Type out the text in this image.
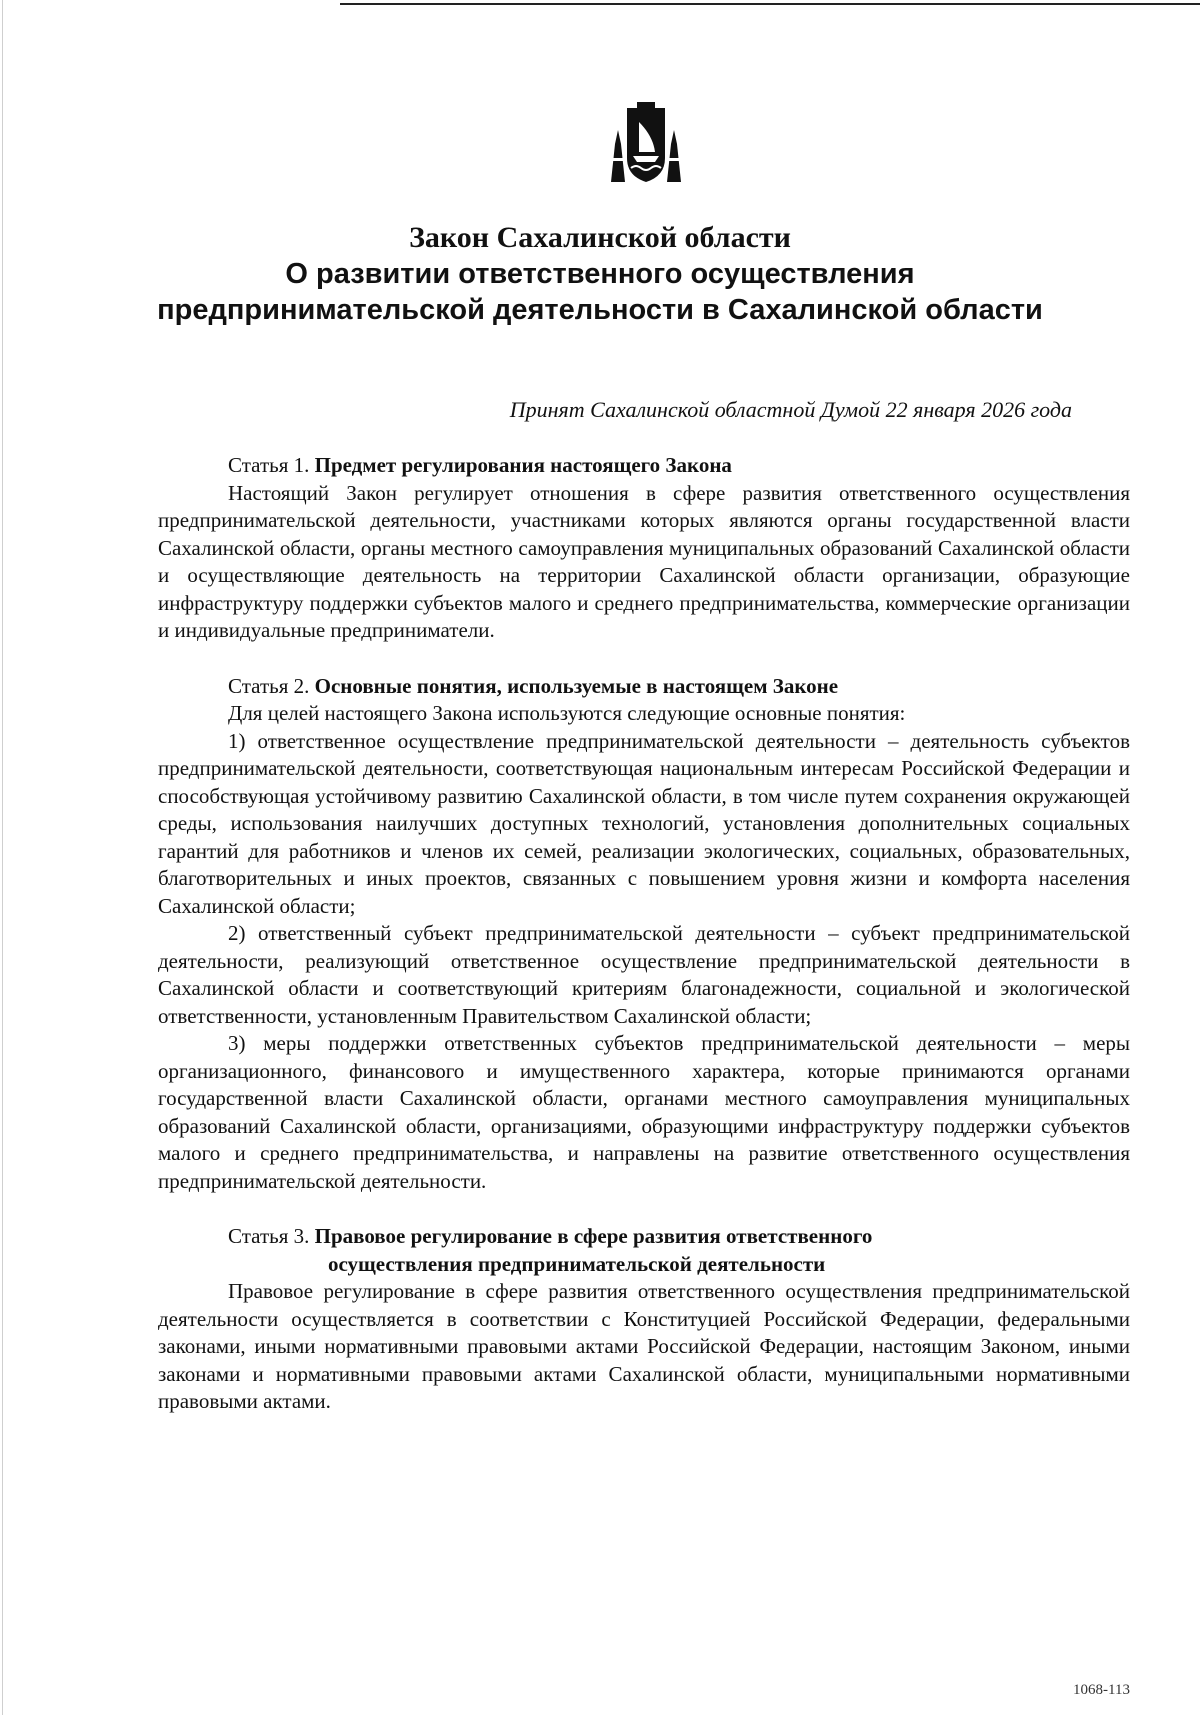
Закон Сахалинской области
О развитии ответственного осуществления предпринимательской деятельности в Сахалинской области
Принят Сахалинской областной Думой 22 января 2026 года

Статья 1. Предмет регулирования настоящего Закона

Настоящий Закон регулирует отношения в сфере развития ответственного осуществления предпринимательской деятельности, участниками которых являются органы государственной власти Сахалинской области, органы местного самоуправления муниципальных образований Сахалинской области и осуществляющие деятельность на территории Сахалинской области организации, образующие инфраструктуру поддержки субъектов малого и среднего предпринимательства, коммерческие организации и индивидуальные предприниматели.

Статья 2. Основные понятия, используемые в настоящем Законе

Для целей настоящего Закона используются следующие основные понятия:

1) ответственное осуществление предпринимательской деятельности – деятельность субъектов предпринимательской деятельности, соответствующая национальным интересам Российской Федерации и способствующая устойчивому развитию Сахалинской области, в том числе путем сохранения окружающей среды, использования наилучших доступных технологий, установления дополнительных социальных гарантий для работников и членов их семей, реализации экологических, социальных, образовательных, благотворительных и иных проектов, связанных с повышением уровня жизни и комфорта населения Сахалинской области;

2) ответственный субъект предпринимательской деятельности – субъект предпринимательской деятельности, реализующий ответственное осуществление предпринимательской деятельности в Сахалинской области и соответствующий критериям благонадежности, социальной и экологической ответственности, установленным Правительством Сахалинской области;

3) меры поддержки ответственных субъектов предпринимательской деятельности – меры организационного, финансового и имущественного характера, которые принимаются органами государственной власти Сахалинской области, органами местного самоуправления муниципальных образований Сахалинской области, организациями, образующими инфраструктуру поддержки субъектов малого и среднего предпринимательства, и направлены на развитие ответственного осуществления предпринимательской деятельности.

Статья 3. Правовое регулирование в сфере развития ответственного
осуществления предпринимательской деятельности

Правовое регулирование в сфере развития ответственного осуществления предпринимательской деятельности осуществляется в соответствии с Конституцией Российской Федерации, федеральными законами, иными нормативными правовыми актами Российской Федерации, настоящим Законом, иными законами и нормативными правовыми актами Сахалинской области, муниципальными нормативными правовыми актами.

1068-113
